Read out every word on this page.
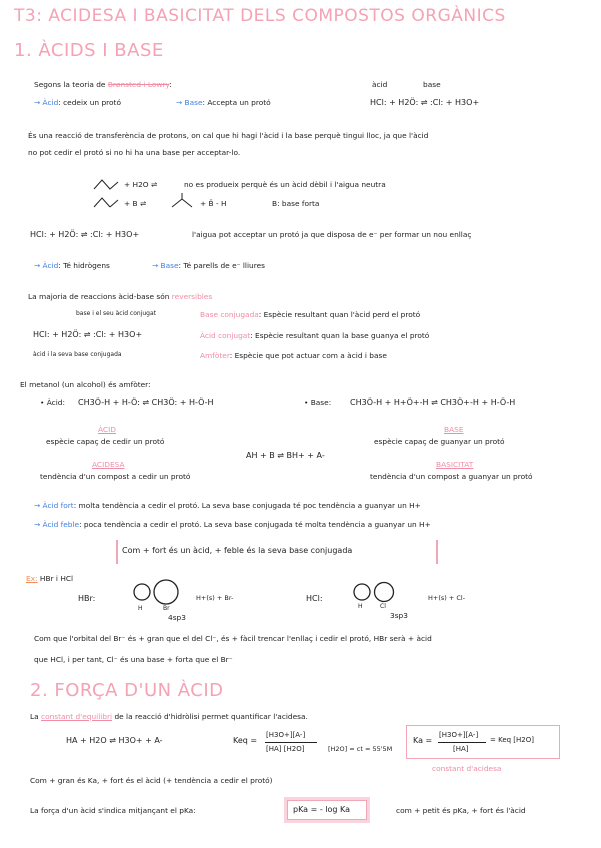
T3: ACIDESA I BASICITAT DELS COMPOSTOS ORGÀNICS
1. ÀCIDS I BASE
Segons la teoria de Brønsted i Lowry:
→ Àcid: cedeix un protó	→ Base: Accepta un protó
àcid	base
HCl: + H2Ö: ⇌ :Cl: + H3O+
És una reacció de transferència de protons, on cal que hi hagi l'àcid i la base perquè tingui lloc, ja que l'àcid
no pot cedir el protó si no hi ha una base per acceptar-lo.
+ H2O ⇌	no es produeix perquè és un àcid dèbil i l'aigua neutra
+ B ⇌	+ B̈ - H	B: base forta
HCl: + H2Ö: ⇌ :Cl: + H3O+	l'aigua pot acceptar un protó ja que disposa de e⁻ per formar un nou enllaç
→ Àcid: Té hidrògens	→ Base: Té parells de e⁻ lliures
La majoria de reaccions àcid-base són reversibles
base i el seu àcid conjugat
HCl: + H2Ö: ⇌ :Cl: + H3O+
àcid i la seva base conjugada
Base conjugada: Espècie resultant quan l'àcid perd el protó
Àcid conjugat: Espècie resultant quan la base guanya el protó
Amfòter: Espècie que pot actuar com a àcid i base
El metanol (un alcohol) és amfòter:
• Àcid: CH3Ö-H + H-Ö: ⇌ CH3Ö: + H-Ö-H	• Base: CH3Ö-H + H+Ö+-H ⇌ CH3Ö+-H + H-Ö-H
ÀCID
espècie capaç de cedir un protó
ACIDESA
tendència d'un compost a cedir un protó
AH + B ⇌ BH+ + A-
BASE
espècie capaç de guanyar un protó
BASICITAT
tendència d'un compost a guanyar un protó
→ Àcid fort: molta tendència a cedir el protó. La seva base conjugada té poc tendència a guanyar un H+
→ Àcid feble: poca tendència a cedir el protó. La seva base conjugada té molta tendència a guanyar un H+
Com + fort és un àcid, + feble és la seva base conjugada
Ex: HBr i HCl
HBr:
H	Br
4sp3
H+(s) + Br-	HCl:
H	Cl
3sp3
H+(s) + Cl-
Com que l'orbital del Br⁻ és + gran que el del Cl⁻, és + fàcil trencar l'enllaç i cedir el protó, HBr serà + àcid
que HCl, i per tant, Cl⁻ és una base + forta que el Br⁻
2. FORÇA D'UN ÀCID
La constant d'equilibri de la reacció d'hidròlisi permet quantificar l'acidesa.
HA + H2O ⇌ H3O+ + A-	Keq =
[H3O+][A-]
[HA] [H2O]	[H2O] = ct = 55'5M
Ka =
[H3O+][A-]
[HA]
= Keq [H2O]
constant d'acidesa
Com + gran és Ka, + fort és el àcid (+ tendència a cedir el protó)
La força d'un àcid s'indica mitjançant el pKa:	pKa = - log Ka	com + petit és pKa, + fort és l'àcid
